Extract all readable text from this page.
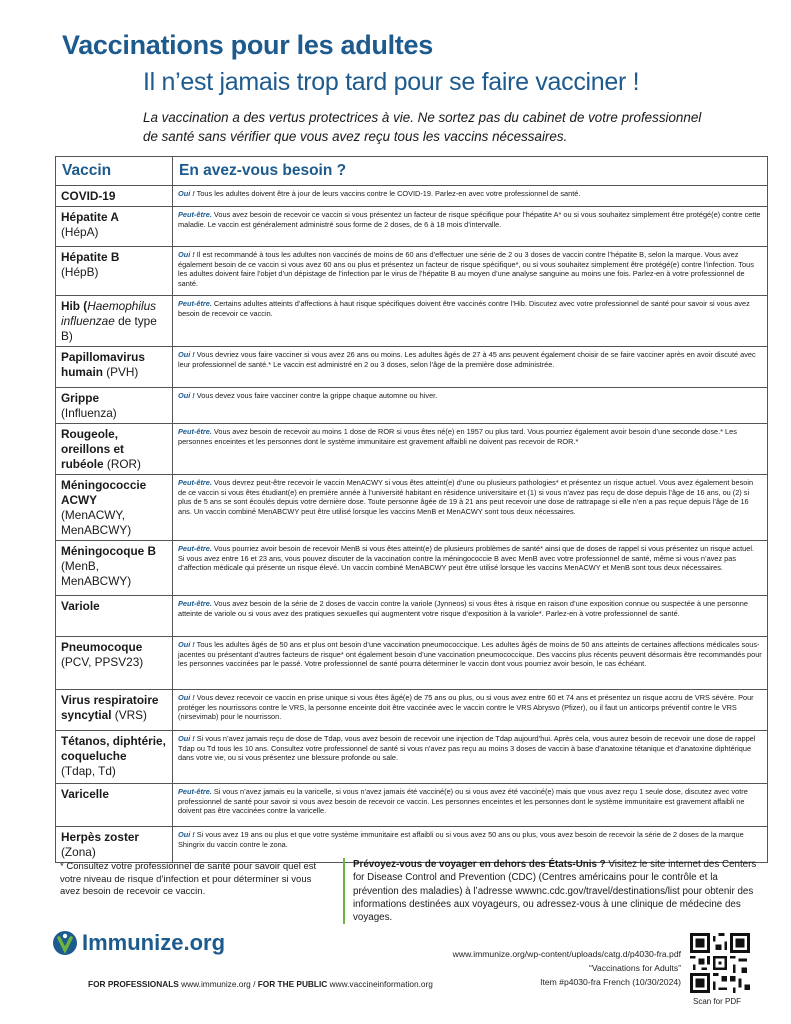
Vaccinations pour les adultes
Il n’est jamais trop tard pour se faire vacciner !
La vaccination a des vertus protectrices à vie. Ne sortez pas du cabinet de votre professionnel
de santé sans vérifier que vous avez reçu tous les vaccins nécessaires.
Vaccin	En avez-vous besoin ?
COVID-19	Oui ! Tous les adultes doivent être à jour de leurs vaccins contre le COVID-19. Parlez-en avec votre professionnel de santé.
Hépatite A
(HépA)	Peut-être. Vous avez besoin de recevoir ce vaccin si vous présentez un facteur de risque spécifique pour l’hépatite A* ou si vous souhaitez simplement être protégé(e) contre cette maladie. Le vaccin est généralement administré sous forme de 2 doses, de 6 à 18 mois d’intervalle.
Hépatite B
(HépB)	Oui ! Il est recommandé à tous les adultes non vaccinés de moins de 60 ans d’effectuer une série de 2 ou 3 doses de vaccin contre l’hépatite B, selon la marque. Vous avez également besoin de ce vaccin si vous avez 60 ans ou plus et présentez un facteur de risque spécifique*, ou si vous souhaitez simplement être protégé(e) contre l’infection. Tous les adultes doivent faire l’objet d’un dépistage de l’infection par le virus de l’hépatite B au moyen d’une analyse sanguine au moins une fois. Parlez-en à votre professionnel de santé.
Hib (Haemophilus influenzae de type B)	Peut-être. Certains adultes atteints d’affections à haut risque spécifiques doivent être vaccinés contre l’Hib. Discutez avec votre professionnel de santé pour savoir si vous avez besoin de recevoir ce vaccin.
Papillomavirus humain (PVH)	Oui ! Vous devriez vous faire vacciner si vous avez 26 ans ou moins. Les adultes âgés de 27 à 45 ans peuvent également choisir de se faire vacciner après en avoir discuté avec leur professionnel de santé.* Le vaccin est administré en 2 ou 3 doses, selon l’âge de la première dose administrée.
Grippe
(Influenza)	Oui ! Vous devez vous faire vacciner contre la grippe chaque automne ou hiver.
Rougeole, oreillons et rubéole (ROR)	Peut-être. Vous avez besoin de recevoir au moins 1 dose de ROR si vous êtes né(e) en 1957 ou plus tard. Vous pourriez également avoir besoin d’une seconde dose.* Les personnes enceintes et les personnes dont le système immunitaire est gravement affaibli ne doivent pas recevoir de ROR.*
Méningococcie ACWY
(MenACWY, MenABCWY)	Peut-être. Vous devrez peut-être recevoir le vaccin MenACWY si vous êtes atteint(e) d’une ou plusieurs pathologies* et présentez un risque actuel. Vous avez également besoin de ce vaccin si vous êtes étudiant(e) en première année à l’université habitant en résidence universitaire et (1) si vous n’avez pas reçu de dose depuis l’âge de 16 ans, ou (2) si plus de 5 ans se sont écoulés depuis votre dernière dose. Toute personne âgée de 19 à 21 ans peut recevoir une dose de rattrapage si elle n’en a pas reçue depuis l’âge de 16 ans. Un vaccin combiné MenABCWY peut être utilisé lorsque les vaccins MenB et MenACWY sont tous deux nécessaires.
Méningocoque B
(MenB, MenABCWY)	Peut-être. Vous pourriez avoir besoin de recevoir MenB si vous êtes atteint(e) de plusieurs problèmes de santé* ainsi que de doses de rappel si vous présentez un risque actuel. Si vous avez entre 16 et 23 ans, vous pouvez discuter de la vaccination contre la méningococcie B avec MenB avec votre professionnel de santé, même si vous n’avez pas d’affection médicale qui présente un risque élevé. Un vaccin combiné MenABCWY peut être utilisé lorsque les vaccins MenACWY et MenB sont tous deux nécessaires.
Variole	Peut-être. Vous avez besoin de la série de 2 doses de vaccin contre la variole (Jynneos) si vous êtes à risque en raison d’une exposition connue ou suspectée à une personne atteinte de variole ou si vous avez des pratiques sexuelles qui augmentent votre risque d’exposition à la variole*. Parlez-en à votre professionnel de santé.
Pneumocoque
(PCV, PPSV23)	Oui ! Tous les adultes âgés de 50 ans et plus ont besoin d’une vaccination pneumococcique. Les adultes âgés de moins de 50 ans atteints de certaines affections médicales sous-jacentes ou présentant d’autres facteurs de risque* ont également besoin d’une vaccination pneumococcique. Des vaccins plus récents peuvent désormais être recommandés pour les personnes vaccinées par le passé. Votre professionnel de santé pourra déterminer le vaccin dont vous pourriez avoir besoin, le cas échéant.
Virus respiratoire syncytial (VRS)	Oui ! Vous devez recevoir ce vaccin en prise unique si vous êtes âgé(e) de 75 ans ou plus, ou si vous avez entre 60 et 74 ans et présentez un risque accru de VRS sévère. Pour protéger les nourrissons contre le VRS, la personne enceinte doit être vaccinée avec le vaccin contre le VRS Abrysvo (Pfizer), ou il faut un anticorps préventif contre le VRS (nirsevimab) pour le nourrisson.
Tétanos, diphtérie, coqueluche
(Tdap, Td)	Oui ! Si vous n’avez jamais reçu de dose de Tdap, vous avez besoin de recevoir une injection de Tdap aujourd’hui. Après cela, vous aurez besoin de recevoir une dose de rappel Tdap ou Td tous les 10 ans. Consultez votre professionnel de santé si vous n’avez pas reçu au moins 3 doses de vaccin à base d’anatoxine tétanique et d’anatoxine diphtérique dans votre vie, ou si vous présentez une blessure profonde ou sale.
Varicelle	Peut-être. Si vous n’avez jamais eu la varicelle, si vous n’avez jamais été vacciné(e) ou si vous avez été vacciné(e) mais que vous avez reçu 1 seule dose, discutez avec votre professionnel de santé pour savoir si vous avez besoin de recevoir ce vaccin. Les personnes enceintes et les personnes dont le système immunitaire est gravement affaibli ne doivent pas être vaccinées contre la varicelle.
Herpès zoster
(Zona)	Oui ! Si vous avez 19 ans ou plus et que votre système immunitaire est affaibli ou si vous avez 50 ans ou plus, vous avez besoin de recevoir la série de 2 doses de la marque Shingrix du vaccin contre le zona.
* Consultez votre professionnel de santé pour savoir quel est votre niveau de risque d’infection et pour déterminer si vous avez besoin de recevoir ce vaccin.
Prévoyez-vous de voyager en dehors des États-Unis ? Visitez le site internet des Centers for Disease Control and Prevention (CDC) (Centres américains pour le contrôle et la prévention des maladies) à l’adresse wwwnc.cdc.gov/travel/destinations/list pour obtenir des informations destinées aux voyageurs, ou adressez-vous à une clinique de médecine des voyages.
Immunize.org
FOR PROFESSIONALS www.immunize.org / FOR THE PUBLIC www.vaccineinformation.org
www.immunize.org/wp-content/uploads/catg.d/p4030-fra.pdf
“Vaccinations for Adults”
Item #p4030-fra French (10/30/2024)
Scan for PDF
